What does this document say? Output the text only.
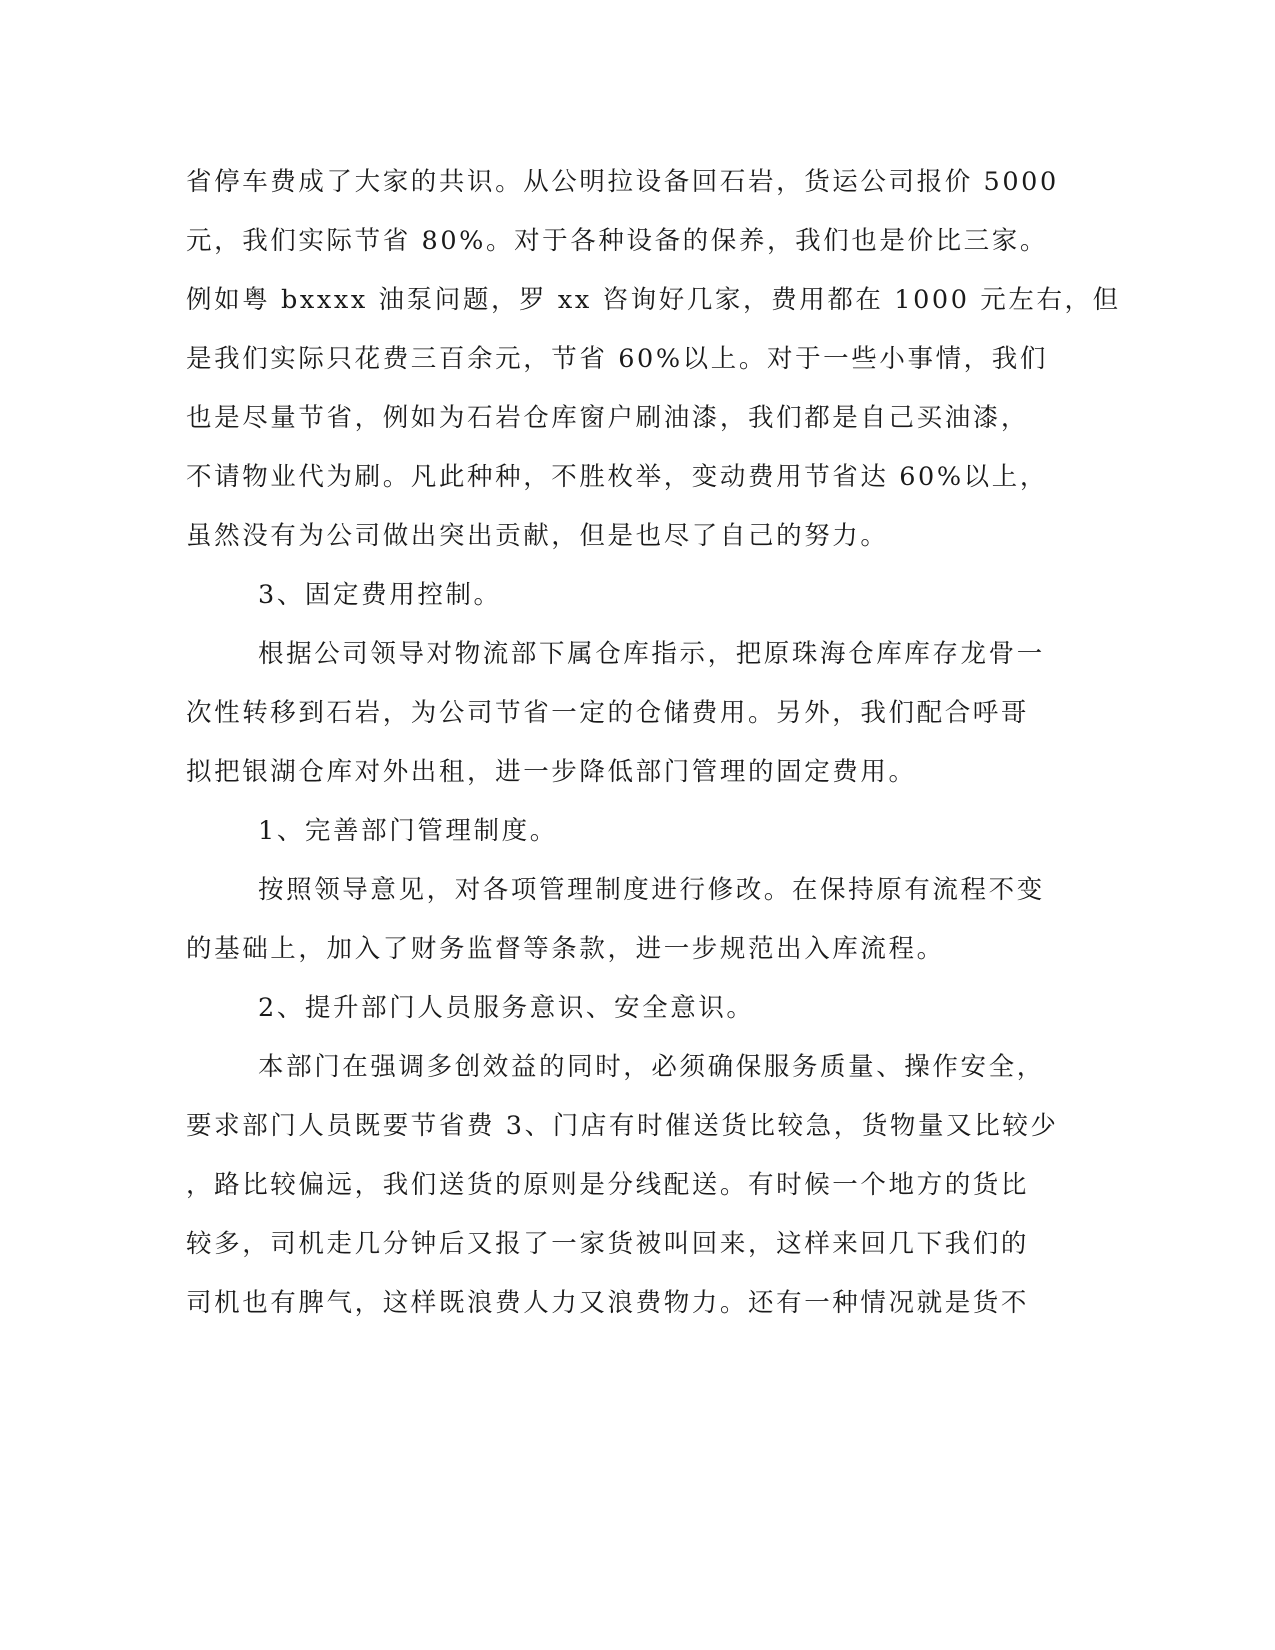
省停车费成了大家的共识。从公明拉设备回石岩，货运公司报价 5000
元，我们实际节省 80%。对于各种设备的保养，我们也是价比三家。
例如粤 bxxxx 油泵问题，罗 xx 咨询好几家，费用都在 1000 元左右，但
是我们实际只花费三百余元，节省 60%以上。对于一些小事情，我们
也是尽量节省，例如为石岩仓库窗户刷油漆，我们都是自己买油漆，
不请物业代为刷。凡此种种，不胜枚举，变动费用节省达 60%以上，
虽然没有为公司做出突出贡献，但是也尽了自己的努力。
3、固定费用控制。
根据公司领导对物流部下属仓库指示，把原珠海仓库库存龙骨一
次性转移到石岩，为公司节省一定的仓储费用。另外，我们配合呼哥
拟把银湖仓库对外出租，进一步降低部门管理的固定费用。
1、完善部门管理制度。
按照领导意见，对各项管理制度进行修改。在保持原有流程不变
的基础上，加入了财务监督等条款，进一步规范出入库流程。
2、提升部门人员服务意识、安全意识。
本部门在强调多创效益的同时，必须确保服务质量、操作安全，
要求部门人员既要节省费 3、门店有时催送货比较急，货物量又比较少
，路比较偏远，我们送货的原则是分线配送。有时候一个地方的货比
较多，司机走几分钟后又报了一家货被叫回来，这样来回几下我们的
司机也有脾气，这样既浪费人力又浪费物力。还有一种情况就是货不
